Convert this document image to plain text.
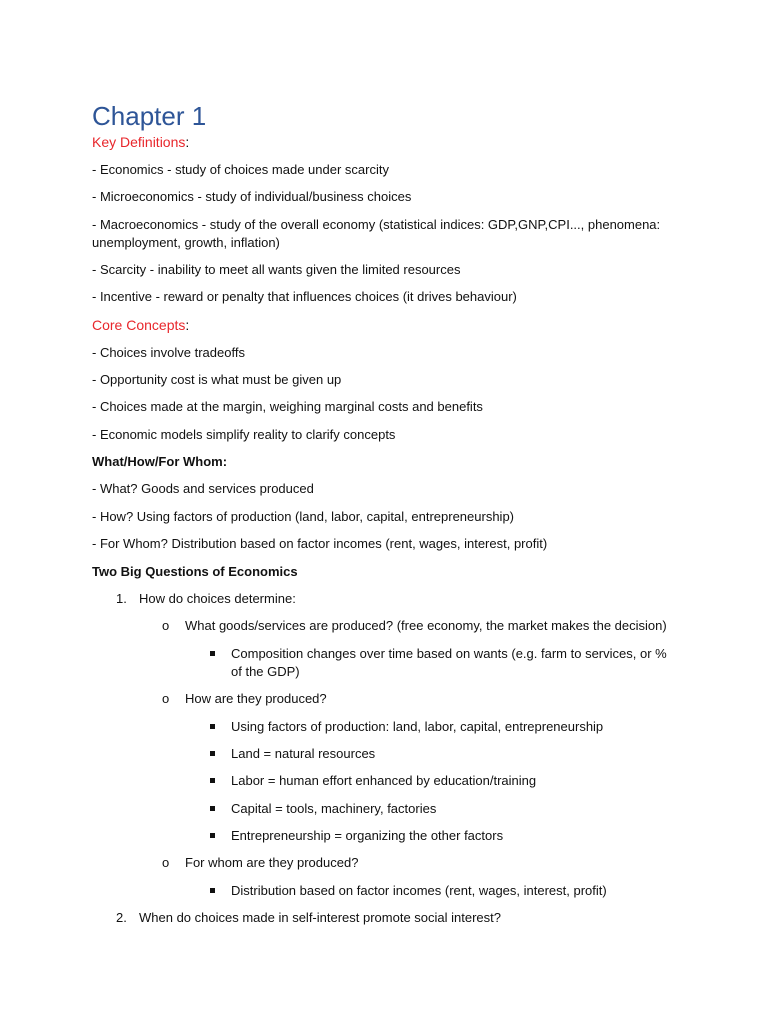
Chapter 1
Key Definitions:
- Economics - study of choices made under scarcity
- Microeconomics - study of individual/business choices
- Macroeconomics - study of the overall economy (statistical indices: GDP,GNP,CPI..., phenomena: unemployment, growth, inflation)
- Scarcity - inability to meet all wants given the limited resources
- Incentive - reward or penalty that influences choices (it drives behaviour)
Core Concepts:
- Choices involve tradeoffs
- Opportunity cost is what must be given up
- Choices made at the margin, weighing marginal costs and benefits
- Economic models simplify reality to clarify concepts
What/How/For Whom:
- What? Goods and services produced
- How? Using factors of production (land, labor, capital, entrepreneurship)
- For Whom? Distribution based on factor incomes (rent, wages, interest, profit)
Two Big Questions of Economics
1. How do choices determine:
o What goods/services are produced? (free economy, the market makes the decision)
Composition changes over time based on wants (e.g. farm to services, or % of the GDP)
o How are they produced?
Using factors of production: land, labor, capital, entrepreneurship
Land = natural resources
Labor = human effort enhanced by education/training
Capital = tools, machinery, factories
Entrepreneurship = organizing the other factors
o For whom are they produced?
Distribution based on factor incomes (rent, wages, interest, profit)
2. When do choices made in self-interest promote social interest?
